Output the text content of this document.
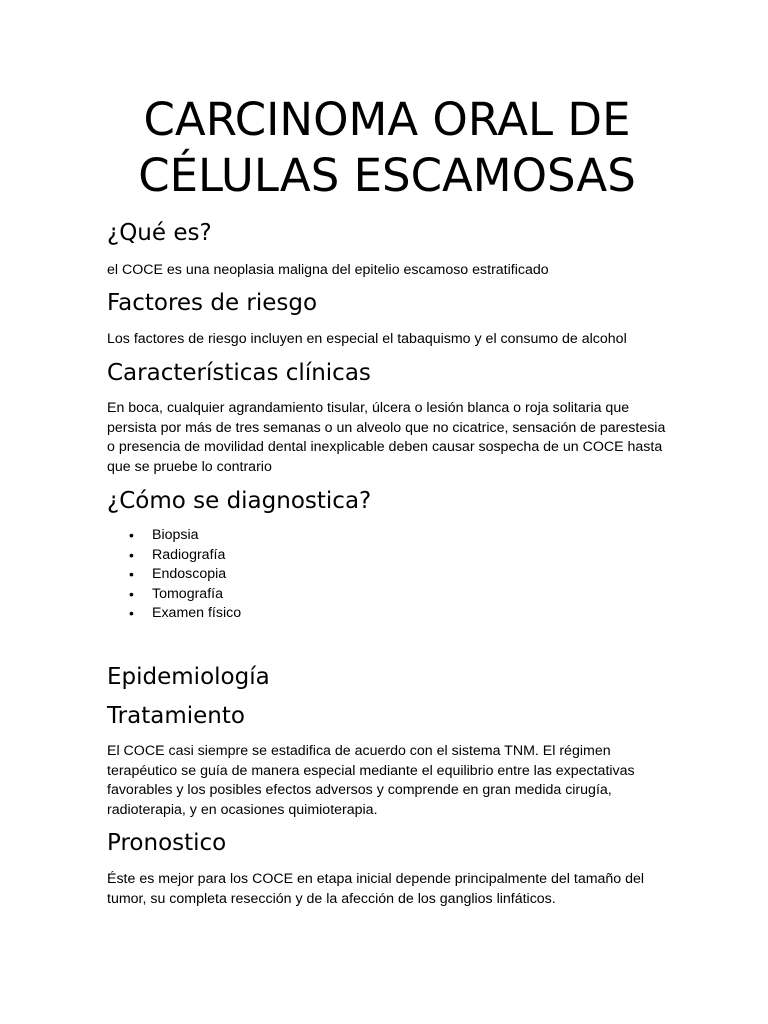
CARCINOMA ORAL DE
CÉLULAS ESCAMOSAS
¿Qué es?

el COCE es una neoplasia maligna del epitelio escamoso estratificado

Factores de riesgo

Los factores de riesgo incluyen en especial el tabaquismo y el consumo de alcohol

Características clínicas

En boca, cualquier agrandamiento tisular, úlcera o lesión blanca o roja solitaria que persista por más de tres semanas o un alveolo que no cicatrice, sensación de parestesia o presencia de movilidad dental inexplicable deben causar sospecha de un COCE hasta que se pruebe lo contrario

¿Cómo se diagnostica?
• Biopsia
• Radiografía
• Endoscopia
• Tomografía
• Examen físico
Epidemiología
Tratamiento

El COCE casi siempre se estadifica de acuerdo con el sistema TNM. El régimen terapéutico se guía de manera especial mediante el equilibrio entre las expectativas favorables y los posibles efectos adversos y comprende en gran medida cirugía, radioterapia, y en ocasiones quimioterapia.

Pronostico

Éste es mejor para los COCE en etapa inicial depende principalmente del tamaño del tumor, su completa resección y de la afección de los ganglios linfáticos.
